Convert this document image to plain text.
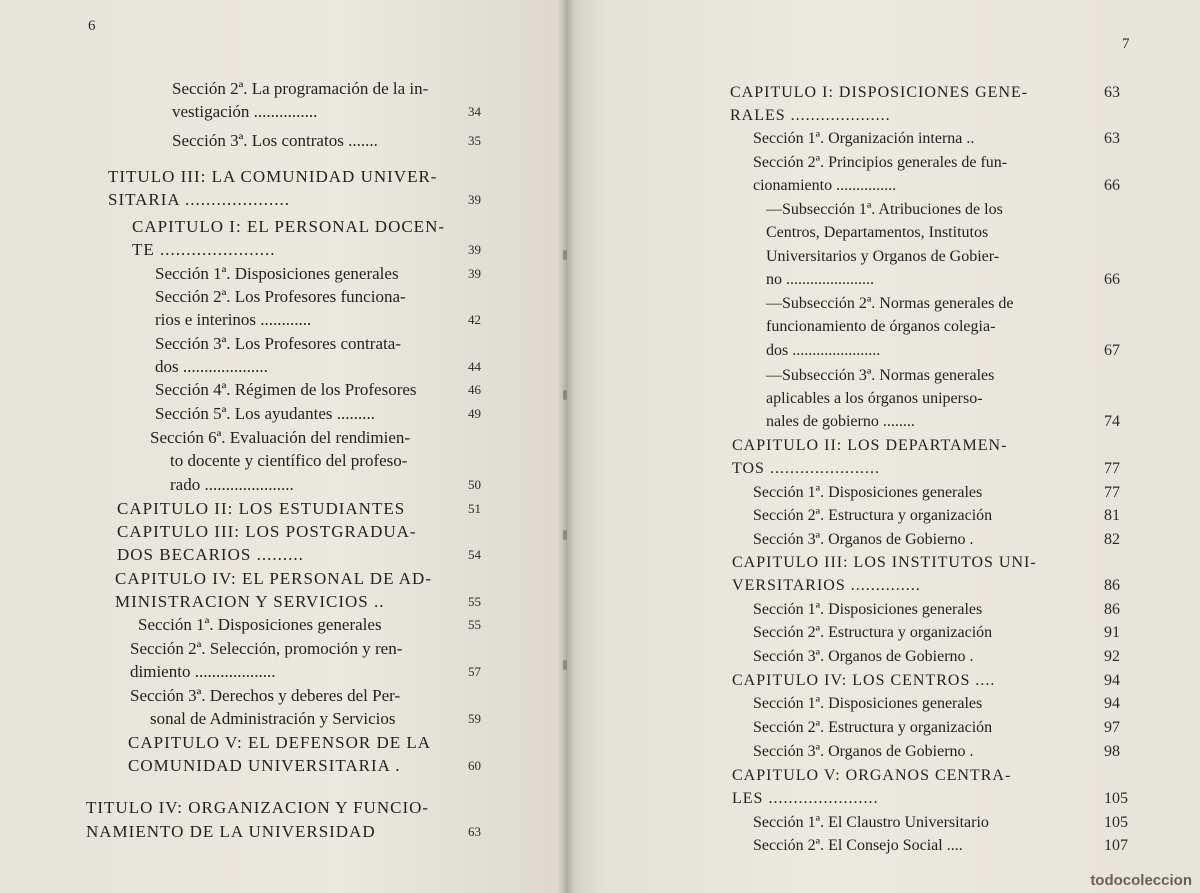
6
Sección 2ª. La programación de la in-
vestigación ...............	34
Sección 3ª. Los contratos .......	35
TITULO III: LA COMUNIDAD UNIVER-
SITARIA ....................	39
CAPITULO I: EL PERSONAL DOCEN-
TE ......................	39
Sección 1ª. Disposiciones generales	39
Sección 2ª. Los Profesores funciona-
rios e interinos ............	42
Sección 3ª. Los Profesores contrata-
dos ....................	44
Sección 4ª. Régimen de los Profesores	46
Sección 5ª. Los ayudantes .........	49
Sección 6ª. Evaluación del rendimien-
to docente y científico del profeso-
rado .....................	50
CAPITULO II: LOS ESTUDIANTES	51
CAPITULO III: LOS POSTGRADUA-
DOS BECARIOS .........	54
CAPITULO IV: EL PERSONAL DE AD-
MINISTRACION Y SERVICIOS ..	55
Sección 1ª. Disposiciones generales	55
Sección 2ª. Selección, promoción y ren-
dimiento ...................	57
Sección 3ª. Derechos y deberes del Per-
sonal de Administración y Servicios	59
CAPITULO V: EL DEFENSOR DE LA
COMUNIDAD UNIVERSITARIA .	60
TITULO IV: ORGANIZACION Y FUNCIO-
NAMIENTO DE LA UNIVERSIDAD	63
7
CAPITULO I: DISPOSICIONES GENE-	63
RALES ....................
Sección 1ª. Organización interna ..	63
Sección 2ª. Principios generales de fun-
cionamiento ...............	66
—Subsección 1ª. Atribuciones de los
Centros, Departamentos, Institutos
Universitarios y Organos de Gobier-
no ......................	66
—Subsección 2ª. Normas generales de
funcionamiento de órganos colegia-
dos ......................	67
—Subsección 3ª. Normas generales
aplicables a los órganos uniperso-
nales de gobierno ........	74
CAPITULO II: LOS DEPARTAMEN-
TOS ......................	77
Sección 1ª. Disposiciones generales	77
Sección 2ª. Estructura y organización	81
Sección 3ª. Organos de Gobierno .	82
CAPITULO III: LOS INSTITUTOS UNI-
VERSITARIOS ..............	86
Sección 1ª. Disposiciones generales	86
Sección 2ª. Estructura y organización	91
Sección 3ª. Organos de Gobierno .	92
CAPITULO IV: LOS CENTROS ....	94
Sección 1ª. Disposiciones generales	94
Sección 2ª. Estructura y organización	97
Sección 3ª. Organos de Gobierno .	98
CAPITULO V: ORGANOS CENTRA-
LES ......................	105
Sección 1ª. El Claustro Universitario	105
Sección 2ª. El Consejo Social ....	107
todocoleccion
